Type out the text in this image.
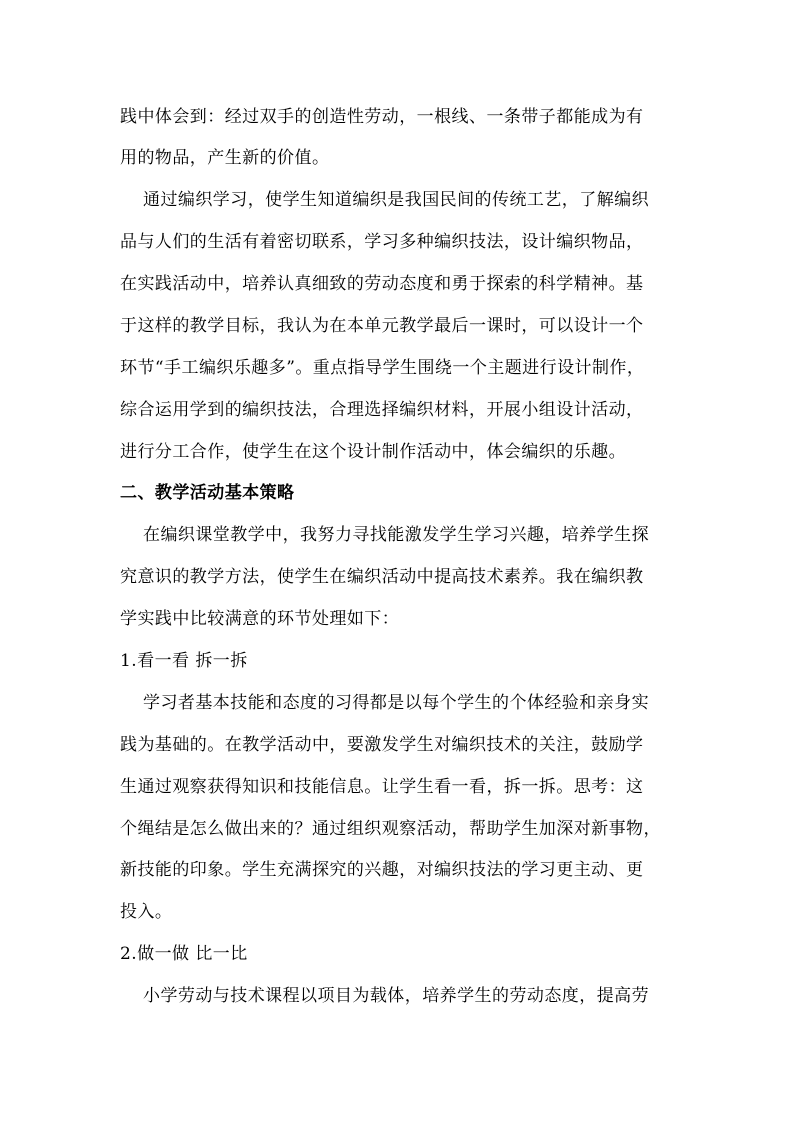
践中体会到：经过双手的创造性劳动，一根线、一条带子都能成为有
用的物品，产生新的价值。
通过编织学习，使学生知道编织是我国民间的传统工艺，了解编织
品与人们的生活有着密切联系，学习多种编织技法，设计编织物品，
在实践活动中，培养认真细致的劳动态度和勇于探索的科学精神。基
于这样的教学目标，我认为在本单元教学最后一课时，可以设计一个
环节“手工编织乐趣多”。重点指导学生围绕一个主题进行设计制作，
综合运用学到的编织技法，合理选择编织材料，开展小组设计活动，
进行分工合作，使学生在这个设计制作活动中，体会编织的乐趣。
二、教学活动基本策略
在编织课堂教学中，我努力寻找能激发学生学习兴趣，培养学生探
究意识的教学方法，使学生在编织活动中提高技术素养。我在编织教
学实践中比较满意的环节处理如下：
1.看一看 拆一拆
学习者基本技能和态度的习得都是以每个学生的个体经验和亲身实
践为基础的。在教学活动中，要激发学生对编织技术的关注，鼓励学
生通过观察获得知识和技能信息。让学生看一看，拆一拆。思考：这
个绳结是怎么做出来的？通过组织观察活动，帮助学生加深对新事物，
新技能的印象。学生充满探究的兴趣，对编织技法的学习更主动、更
投入。
2.做一做 比一比
小学劳动与技术课程以项目为载体，培养学生的劳动态度，提高劳
